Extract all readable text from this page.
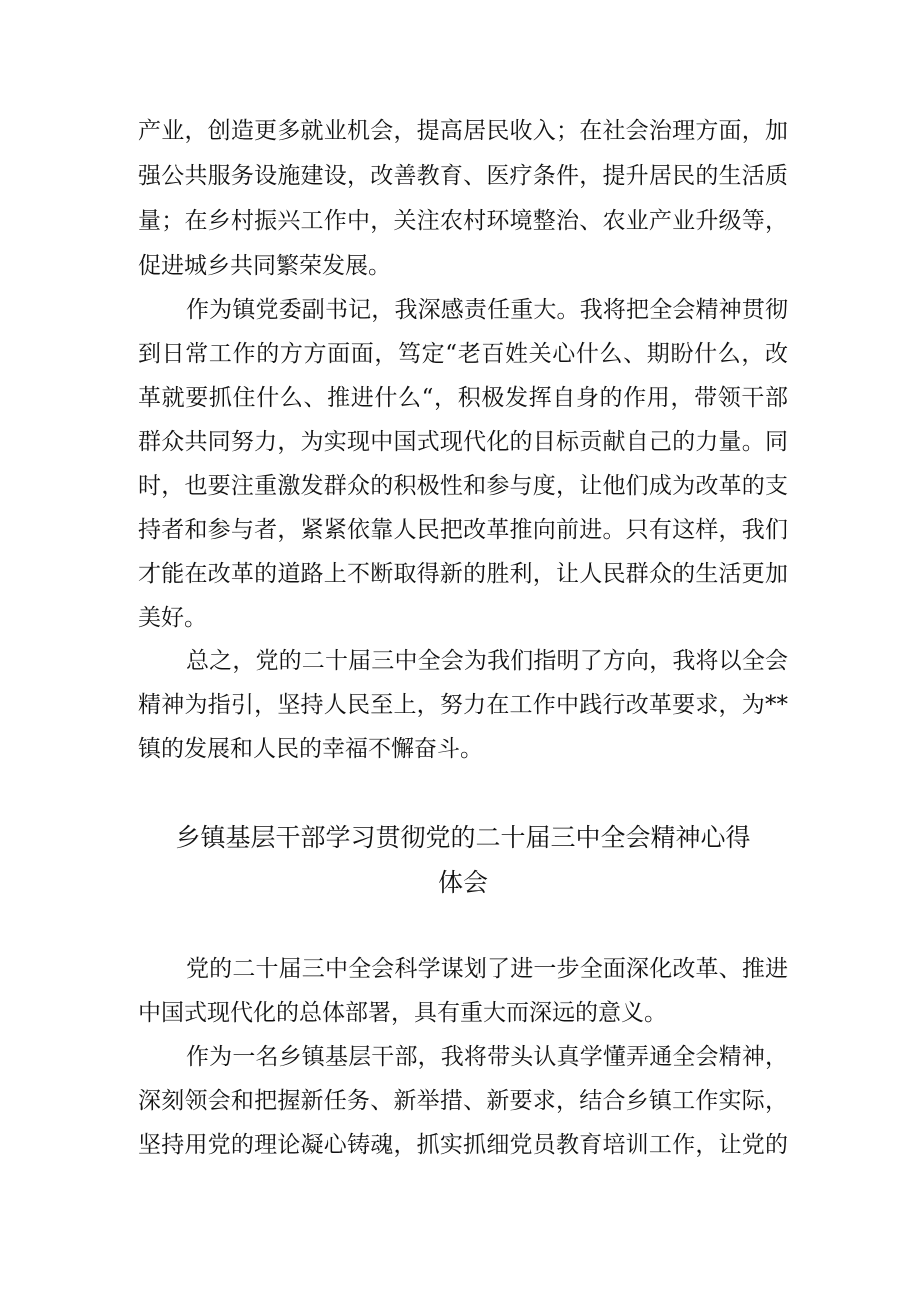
产业，创造更多就业机会，提高居民收入；在社会治理方面，加
强公共服务设施建设，改善教育、医疗条件，提升居民的生活质
量；在乡村振兴工作中，关注农村环境整治、农业产业升级等，
促进城乡共同繁荣发展。
作为镇党委副书记，我深感责任重大。我将把全会精神贯彻
到日常工作的方方面面，笃定“老百姓关心什么、期盼什么，改
革就要抓住什么、推进什么“，积极发挥自身的作用，带领干部
群众共同努力，为实现中国式现代化的目标贡献自己的力量。同
时，也要注重激发群众的积极性和参与度，让他们成为改革的支
持者和参与者，紧紧依靠人民把改革推向前进。只有这样，我们
才能在改革的道路上不断取得新的胜利，让人民群众的生活更加
美好。
总之，党的二十届三中全会为我们指明了方向，我将以全会
精神为指引，坚持人民至上，努力在工作中践行改革要求，为**
镇的发展和人民的幸福不懈奋斗。
乡镇基层干部学习贯彻党的二十届三中全会精神心得
体会
党的二十届三中全会科学谋划了进一步全面深化改革、推进
中国式现代化的总体部署，具有重大而深远的意义。
作为一名乡镇基层干部，我将带头认真学懂弄通全会精神，
深刻领会和把握新任务、新举措、新要求，结合乡镇工作实际，
坚持用党的理论凝心铸魂，抓实抓细党员教育培训工作，让党的
